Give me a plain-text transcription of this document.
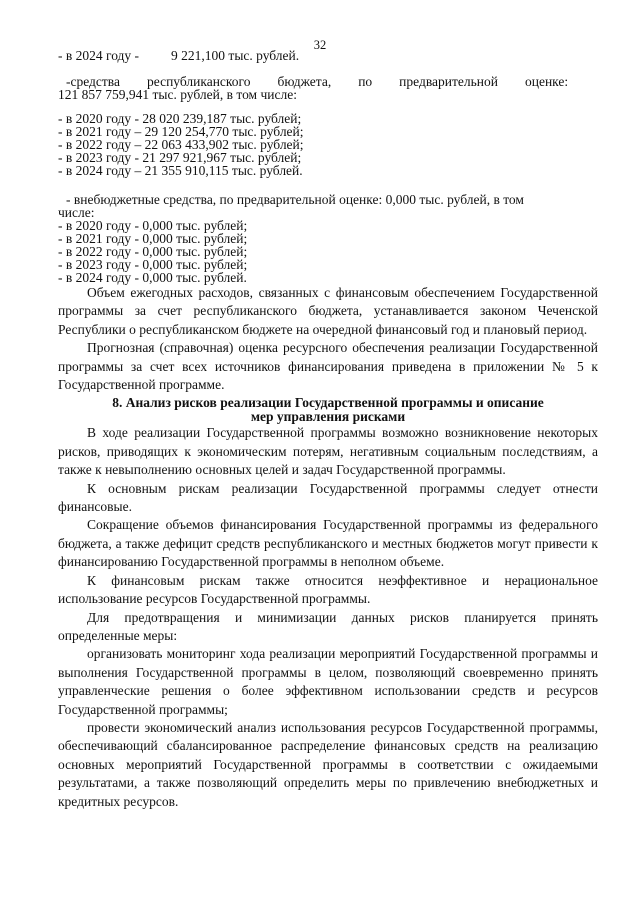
32

- в 2024 году - 9 221,100 тыс. рублей.

-средства        республиканского        бюджета,        по        предварительной        оценке:

121 857 759,941 тыс. рублей, в том числе:

- в 2020 году - 28 020 239,187 тыс. рублей;

- в 2021 году – 29 120 254,770 тыс. рублей;

- в 2022 году – 22 063 433,902 тыс. рублей;

- в 2023 году - 21 297 921,967 тыс. рублей;

- в 2024 году – 21 355 910,115 тыс. рублей.

- внебюджетные средства, по предварительной оценке: 0,000 тыс. рублей, в том

числе:

- в 2020 году - 0,000 тыс. рублей;

- в 2021 году - 0,000 тыс. рублей;

- в 2022 году - 0,000 тыс. рублей;

- в 2023 году - 0,000 тыс. рублей;

- в 2024 году - 0,000 тыс. рублей.

Объем ежегодных расходов, связанных с финансовым обеспечением Государственной программы за счет республиканского бюджета, устанавливается законом Чеченской Республики о республиканском бюджете на очередной финансовый год и плановый период.

Прогнозная (справочная) оценка ресурсного обеспечения реализации Государственной программы за счет всех источников финансирования приведена в приложении № 5 к Государственной программе.

8. Анализ рисков реализации Государственной программы и описание
мер управления рисками

В ходе реализации Государственной программы возможно возникновение некоторых рисков, приводящих к экономическим потерям, негативным социальным последствиям, а также к невыполнению основных целей и задач Государственной программы.

К основным рискам реализации Государственной программы следует отнести финансовые.

Сокращение объемов финансирования Государственной программы из федерального бюджета, а также дефицит средств республиканского и местных бюджетов могут привести к финансированию Государственной программы в неполном объеме.

К финансовым рискам также относится неэффективное и нерациональное использование ресурсов Государственной программы.

Для предотвращения и минимизации данных рисков планируется принять определенные меры:

организовать мониторинг хода реализации мероприятий Государственной программы и выполнения Государственной программы в целом, позволяющий своевременно принять управленческие решения о более эффективном использовании средств и ресурсов Государственной программы;

провести экономический анализ использования ресурсов Государственной программы, обеспечивающий сбалансированное распределение финансовых средств на реализацию основных мероприятий Государственной программы в соответствии с ожидаемыми результатами, а также позволяющий определить меры по привлечению внебюджетных и кредитных ресурсов.
